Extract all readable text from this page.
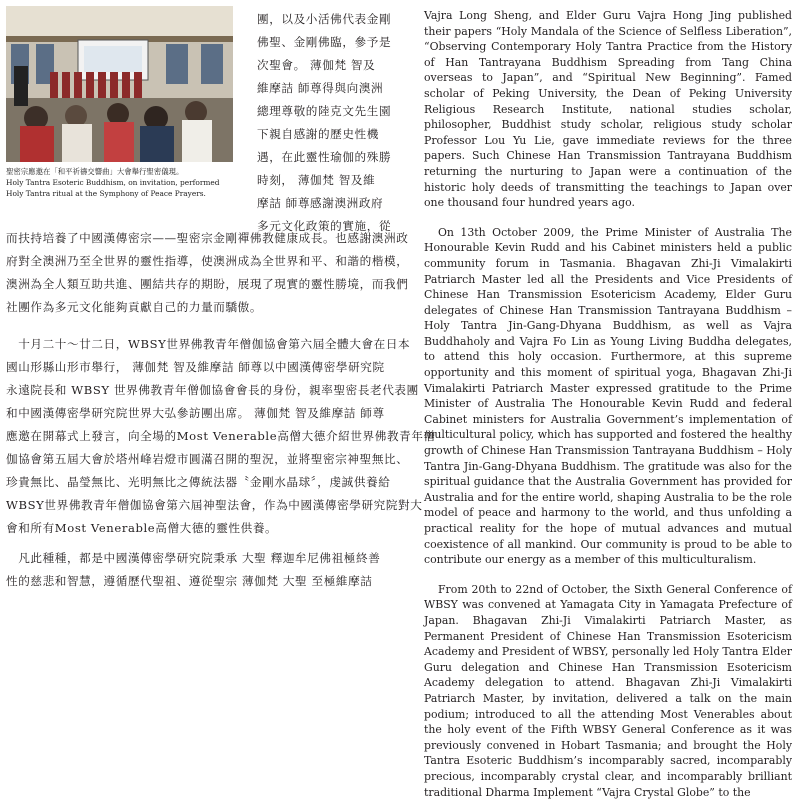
聖密宗應邀在「和平祈禱交響曲」大會舉行聖密儀現。
Holy Tantra Esoteric Buddhism, on invitation, performed Holy Tantra ritual at the Symphony of Peace Prayers.
團，以及小活佛代表金剛
佛聖、金剛佛臨，參予是
次聖會。 薄伽梵 智及
維摩詰 師尊得與向澳洲
總理尊敬的陸克文先生園
下親自感謝的歷史性機
遇，在此靈性瑜伽的殊勝
時刻， 薄伽梵 智及維
摩詰 師尊感謝澳洲政府
多元文化政策的實施，從
而扶持培養了中國漢傳密宗——聖密宗金剛禪佛教健康成長。也感謝澳洲政
府對全澳洲乃至全世界的靈性指導，使澳洲成為全世界和平、和諧的楷模，
澳洲為全人類互助共進、團結共存的期盼，展現了現實的靈性勝境，而我們
社團作為多元文化能夠貢獻自己的力量而驕傲。
　十月二十～廿二日，WBSY世界佛教青年僧伽協會第六屆全體大會在日本
國山形縣山形市舉行， 薄伽梵 智及維摩詰 師尊以中國漢傳密學研究院
永遠院長和 WBSY 世界佛教青年僧伽協會會長的身份，親率聖密長老代表團
和中國漢傳密學研究院世界大弘參訪團出席。 薄伽梵 智及維摩詰 師尊
應邀在開幕式上發言，向全場的Most Venerable高僧大德介紹世界佛教青年僧
伽協會第五屆大會於塔州峰岩燈市圓滿召開的聖況，並將聖密宗神聖無比、
珍貴無比、晶瑩無比、光明無比之傳統法器〝金剛水晶球〞，虔誠供養給
WBSY世界佛教青年僧伽協會第六屆神聖法會，作為中國漢傳密學研究院對大
會和所有Most Venerable高僧大德的靈性供養。
　凡此種種，都是中國漢傳密學研究院秉承 大聖 釋迦牟尼佛祖極終善
性的慈悲和智慧，遵循歷代聖祖、遵從聖宗 薄伽梵 大聖 至極維摩詰

Vajra Long Sheng, and Elder Guru Vajra Hong Jing published their papers “Holy Mandala of the Science of Selfless Liberation”, “Observing Contemporary Holy Tantra Practice from the History of Han Tantrayana Buddhism Spreading from Tang China overseas to Japan”, and “Spiritual New Beginning”. Famed scholar of Peking University, the Dean of Peking University Religious Research Institute, national studies scholar, philosopher, Buddhist study scholar, religious study scholar Professor Lou Yu Lie, gave immediate reviews for the three papers. Such Chinese Han Transmission Tantrayana Buddhism returning the nurturing to Japan were a continuation of the historic holy deeds of transmitting the teachings to Japan over one thousand four hundred years ago.

On 13th October 2009, the Prime Minister of Australia The Honourable Kevin Rudd and his Cabinet ministers held a public community forum in Tasmania. Bhagavan Zhi-Ji Vimalakirti Patriarch Master led all the Presidents and Vice Presidents of Chinese Han Transmission Esotericism Academy, Elder Guru delegates of Chinese Han Transmission Tantrayana Buddhism – Holy Tantra Jin-Gang-Dhyana Buddhism, as well as Vajra Buddhaholy and Vajra Fo Lin as Young Living Buddha delegates, to attend this holy occasion. Furthermore, at this supreme opportunity and this moment of spiritual yoga, Bhagavan Zhi-Ji Vimalakirti Patriarch Master expressed gratitude to the Prime Minister of Australia The Honourable Kevin Rudd and federal Cabinet ministers for Australia Government’s implementation of multicultural policy, which has supported and fostered the healthy growth of Chinese Han Transmission Tantrayana Buddhism – Holy Tantra Jin-Gang-Dhyana Buddhism. The gratitude was also for the spiritual guidance that the Australia Government has provided for Australia and for the entire world, shaping Australia to be the role model of peace and harmony to the world, and thus unfolding a practical reality for the hope of mutual advances and mutual coexistence of all mankind. Our community is proud to be able to contribute our energy as a member of this multiculturalism.

From 20th to 22nd of October, the Sixth General Conference of WBSY was convened at Yamagata City in Yamagata Prefecture of Japan. Bhagavan Zhi-Ji Vimalakirti Patriarch Master, as Permanent President of Chinese Han Transmission Esotericism Academy and President of WBSY, personally led Holy Tantra Elder Guru delegation and Chinese Han Transmission Esotericism Academy delegation to attend. Bhagavan Zhi-Ji Vimalakirti Patriarch Master, by invitation, delivered a talk on the main podium; introduced to all the attending Most Venerables about the holy event of the Fifth WBSY General Conference as it was previously convened in Hobart Tasmania; and brought the Holy Tantra Esoteric Buddhism’s incomparably sacred, incomparably precious, incomparably crystal clear, and incomparably brilliant traditional Dharma Implement “Vajra Crystal Globe” to the
